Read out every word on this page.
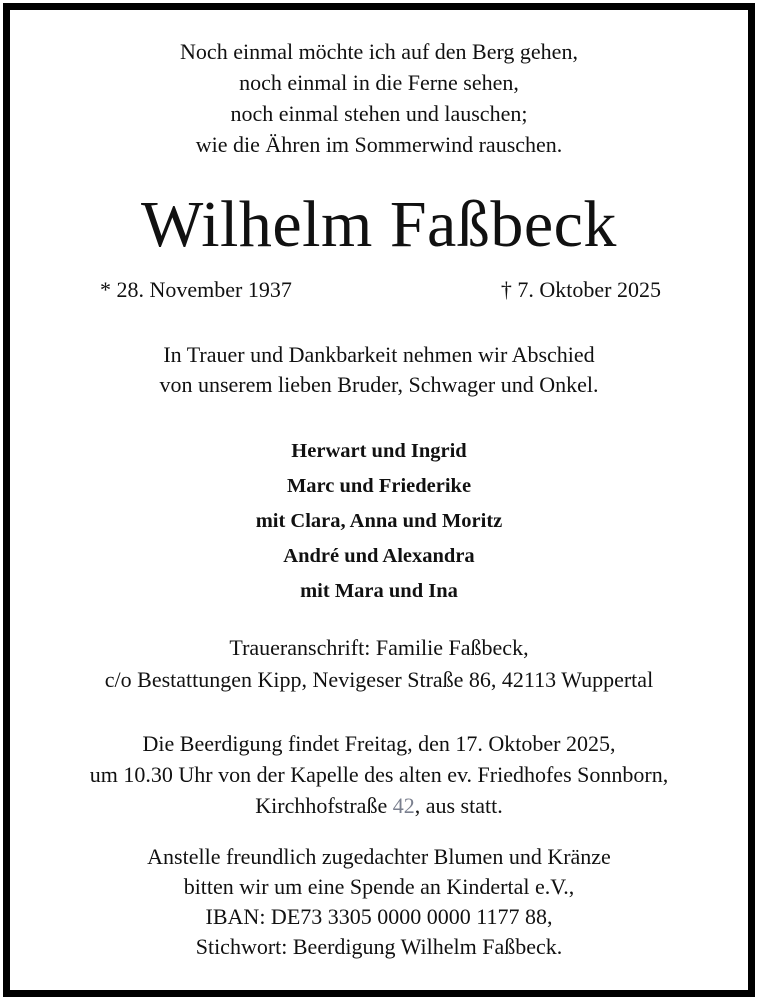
Noch einmal möchte ich auf den Berg gehen,
noch einmal in die Ferne sehen,
noch einmal stehen und lauschen;
wie die Ähren im Sommerwind rauschen.
Wilhelm Faßbeck
* 28. November 1937	† 7. Oktober 2025
In Trauer und Dankbarkeit nehmen wir Abschied
von unserem lieben Bruder, Schwager und Onkel.
Herwart und Ingrid
Marc und Friederike
mit Clara, Anna und Moritz
André und Alexandra
mit Mara und Ina
Traueranschrift: Familie Faßbeck,
c/o Bestattungen Kipp, Nevigeser Straße 86, 42113 Wuppertal
Die Beerdigung findet Freitag, den 17. Oktober 2025,
um 10.30 Uhr von der Kapelle des alten ev. Friedhofes Sonnborn,
Kirchhofstraße 42, aus statt.
Anstelle freundlich zugedachter Blumen und Kränze
bitten wir um eine Spende an Kindertal e.V.,
IBAN: DE73 3305 0000 0000 1177 88,
Stichwort: Beerdigung Wilhelm Faßbeck.
